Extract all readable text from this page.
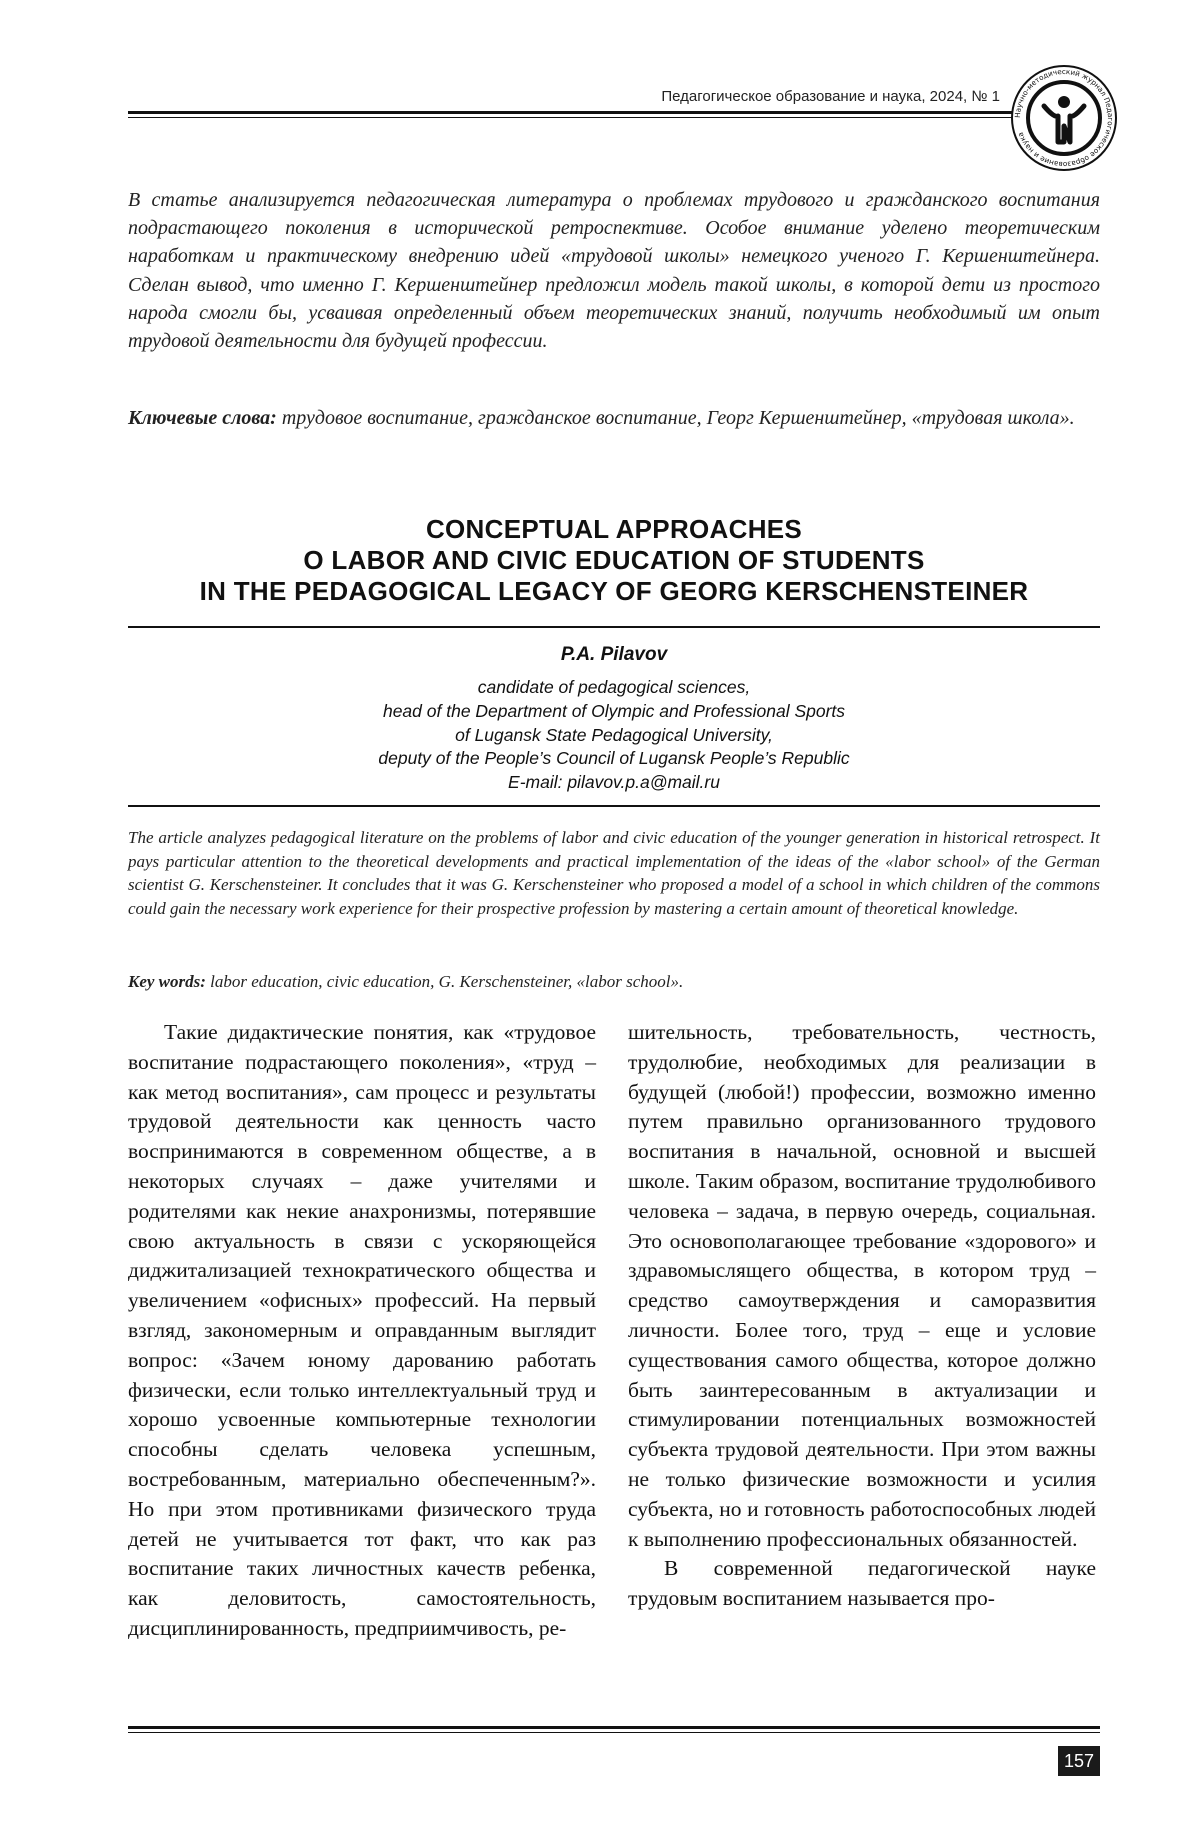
Педагогическое образование и наука, 2024, № 1
Научно-методический журнал Педагогическое образование и наука
В статье анализируется педагогическая литература о проблемах трудового и гражданского воспитания подрастающего поколения в исторической ретроспективе. Особое внимание уделено теоретическим наработкам и практическому внедрению идей «трудовой школы» немецкого ученого Г. Кершенштейнера. Сделан вывод, что именно Г. Кершенштейнер предложил модель такой школы, в которой дети из простого народа смогли бы, усваивая определенный объем теоретических знаний, получить необходимый им опыт трудовой деятельности для будущей профессии.
Ключевые слова: трудовое воспитание, гражданское воспитание, Георг Кершенштейнер, «трудовая школа».
CONCEPTUAL APPROACHES
O LABOR AND CIVIC EDUCATION OF STUDENTS
IN THE PEDAGOGICAL LEGACY OF GEORG KERSCHENSTEINER
P.A. Pilavov
candidate of pedagogical sciences,
head of the Department of Olympic and Professional Sports
of Lugansk State Pedagogical University,
deputy of the People’s Council of Lugansk People’s Republic
E-mail: pilavov.p.a@mail.ru
The article analyzes pedagogical literature on the problems of labor and civic education of the younger generation in historical retrospect. It pays particular attention to the theoretical developments and practical implementation of the ideas of the «labor school» of the German scientist G. Kerschensteiner. It concludes that it was G. Kerschensteiner who proposed a model of a school in which children of the commons could gain the necessary work experience for their prospective profession by mastering a certain amount of theoretical knowledge.
Key words: labor education, civic education, G. Kerschensteiner, «labor school».

Такие дидактические понятия, как «трудовое воспитание подрастающего поколения», «труд – как метод воспитания», сам процесс и результаты трудовой деятельности как ценность часто воспринимаются в современном обществе, а в некоторых случаях – даже учителями и родителями как некие анахронизмы, потерявшие свою актуальность в связи с ускоряющейся диджитализацией технократического общества и увеличением «офисных» профессий. На первый взгляд, закономерным и оправданным выглядит вопрос: «Зачем юному дарованию работать физически, если только интеллектуальный труд и хорошо усвоенные компьютерные технологии способны сделать человека успешным, востребованным, материально обеспеченным?». Но при этом противниками физического труда детей не учитывается тот факт, что как раз воспитание таких личностных качеств ребенка, как деловитость, самостоятельность, дисциплинированность, предприимчивость, ре-

шительность, требовательность, честность, трудолюбие, необходимых для реализации в будущей (любой!) профессии, возможно именно путем правильно организованного трудового воспитания в начальной, основной и высшей школе. Таким образом, воспитание трудолюбивого человека – задача, в первую очередь, социальная. Это основополагающее требование «здорового» и здравомыслящего общества, в котором труд – средство самоутверждения и саморазвития личности. Более того, труд – еще и условие существования самого общества, которое должно быть заинтересованным в актуализации и стимулировании потенциальных возможностей субъекта трудовой деятельности. При этом важны не только физические возможности и усилия субъекта, но и готовность работоспособных людей к выполнению профессиональных обязанностей.

В современной педагогической науке трудовым воспитанием называется про-

157
